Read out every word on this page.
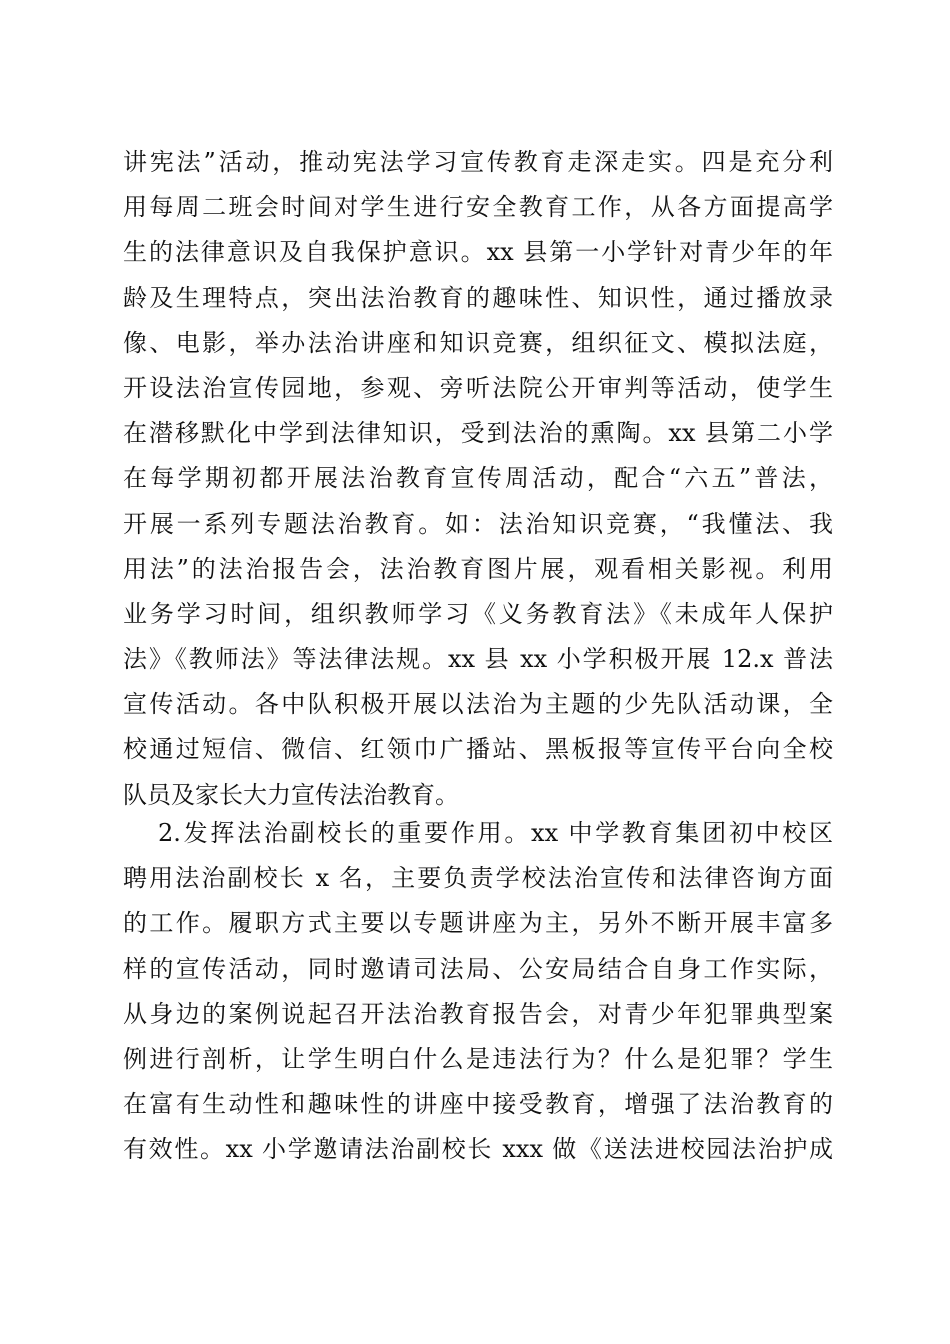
讲宪法”活动，推动宪法学习宣传教育走深走实。四是充分利
用每周二班会时间对学生进行安全教育工作，从各方面提高学
生的法律意识及自我保护意识。xx 县第一小学针对青少年的年
龄及生理特点，突出法治教育的趣味性、知识性，通过播放录
像、电影，举办法治讲座和知识竞赛，组织征文、模拟法庭，
开设法治宣传园地，参观、旁听法院公开审判等活动，使学生
在潜移默化中学到法律知识，受到法治的熏陶。xx 县第二小学
在每学期初都开展法治教育宣传周活动，配合“六五”普法，
开展一系列专题法治教育。如：法治知识竞赛，“我懂法、我
用法”的法治报告会，法治教育图片展，观看相关影视。利用
业务学习时间，组织教师学习《义务教育法》《未成年人保护
法》《教师法》等法律法规。xx 县 xx 小学积极开展 12.x 普法
宣传活动。各中队积极开展以法治为主题的少先队活动课，全
校通过短信、微信、红领巾广播站、黑板报等宣传平台向全校
队员及家长大力宣传法治教育。
2.发挥法治副校长的重要作用。xx 中学教育集团初中校区
聘用法治副校长 x 名，主要负责学校法治宣传和法律咨询方面
的工作。履职方式主要以专题讲座为主，另外不断开展丰富多
样的宣传活动，同时邀请司法局、公安局结合自身工作实际，
从身边的案例说起召开法治教育报告会，对青少年犯罪典型案
例进行剖析，让学生明白什么是违法行为？什么是犯罪？学生
在富有生动性和趣味性的讲座中接受教育，增强了法治教育的
有效性。xx 小学邀请法治副校长 xxx 做《送法进校园法治护成
